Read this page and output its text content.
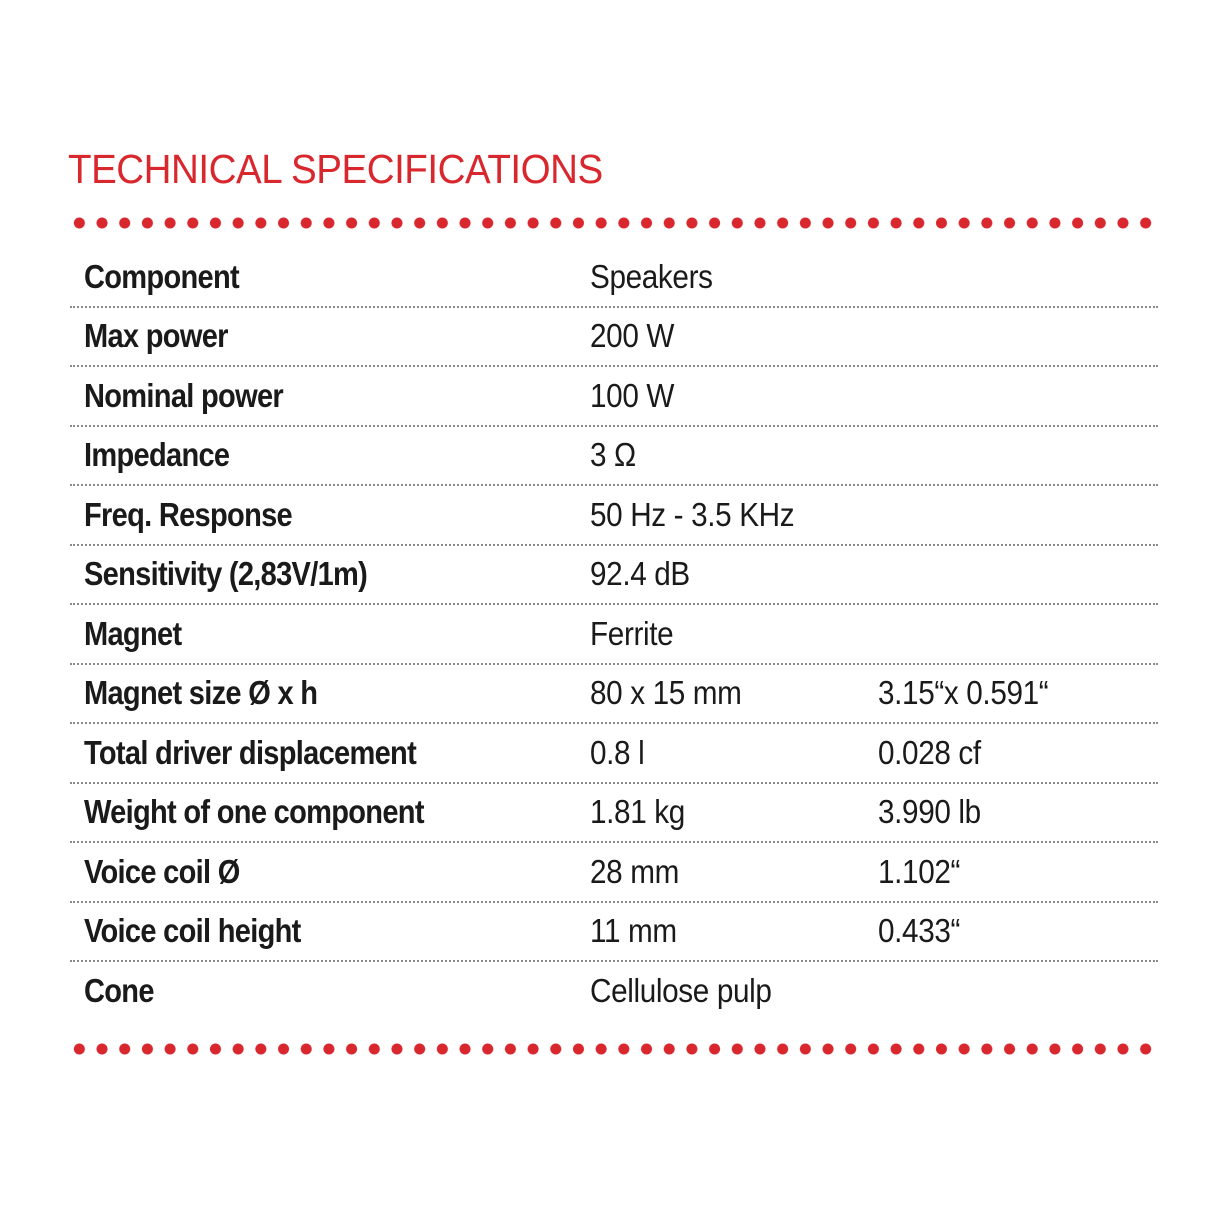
TECHNICAL SPECIFICATIONS
Component	Speakers
Max power	200 W
Nominal power	100 W
Impedance	3 Ω
Freq. Response	50 Hz - 3.5 KHz
Sensitivity (2,83V/1m)	92.4 dB
Magnet	Ferrite
Magnet size Ø x h	80 x 15 mm	3.15“x 0.591“
Total driver displacement	0.8 l	0.028 cf
Weight of one component	1.81 kg	3.990 lb
Voice coil Ø	28 mm	1.102“
Voice coil height	11 mm	0.433“
Cone	Cellulose pulp
